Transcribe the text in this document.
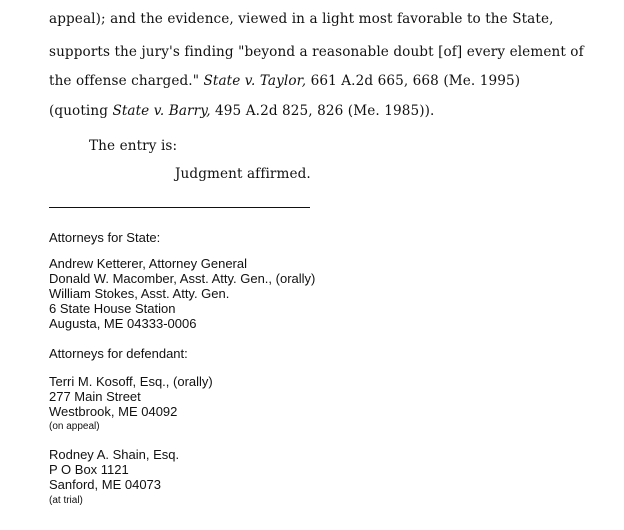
appeal); and the evidence, viewed in a light most favorable to the State,
supports the jury's finding "beyond a reasonable doubt [of] every element of
the offense charged." State v. Taylor, 661 A.2d 665, 668 (Me. 1995)
(quoting State v. Barry, 495 A.2d 825, 826 (Me. 1985)).
The entry is:
Judgment affirmed.
Attorneys for State:
Andrew Ketterer, Attorney General
Donald W. Macomber, Asst. Atty. Gen., (orally)
William Stokes, Asst. Atty. Gen.
6 State House Station
Augusta, ME 04333-0006
Attorneys for defendant:
Terri M. Kosoff, Esq., (orally)
277 Main Street
Westbrook, ME 04092
(on appeal)
Rodney A. Shain, Esq.
P O Box 1121
Sanford, ME 04073
(at trial)
